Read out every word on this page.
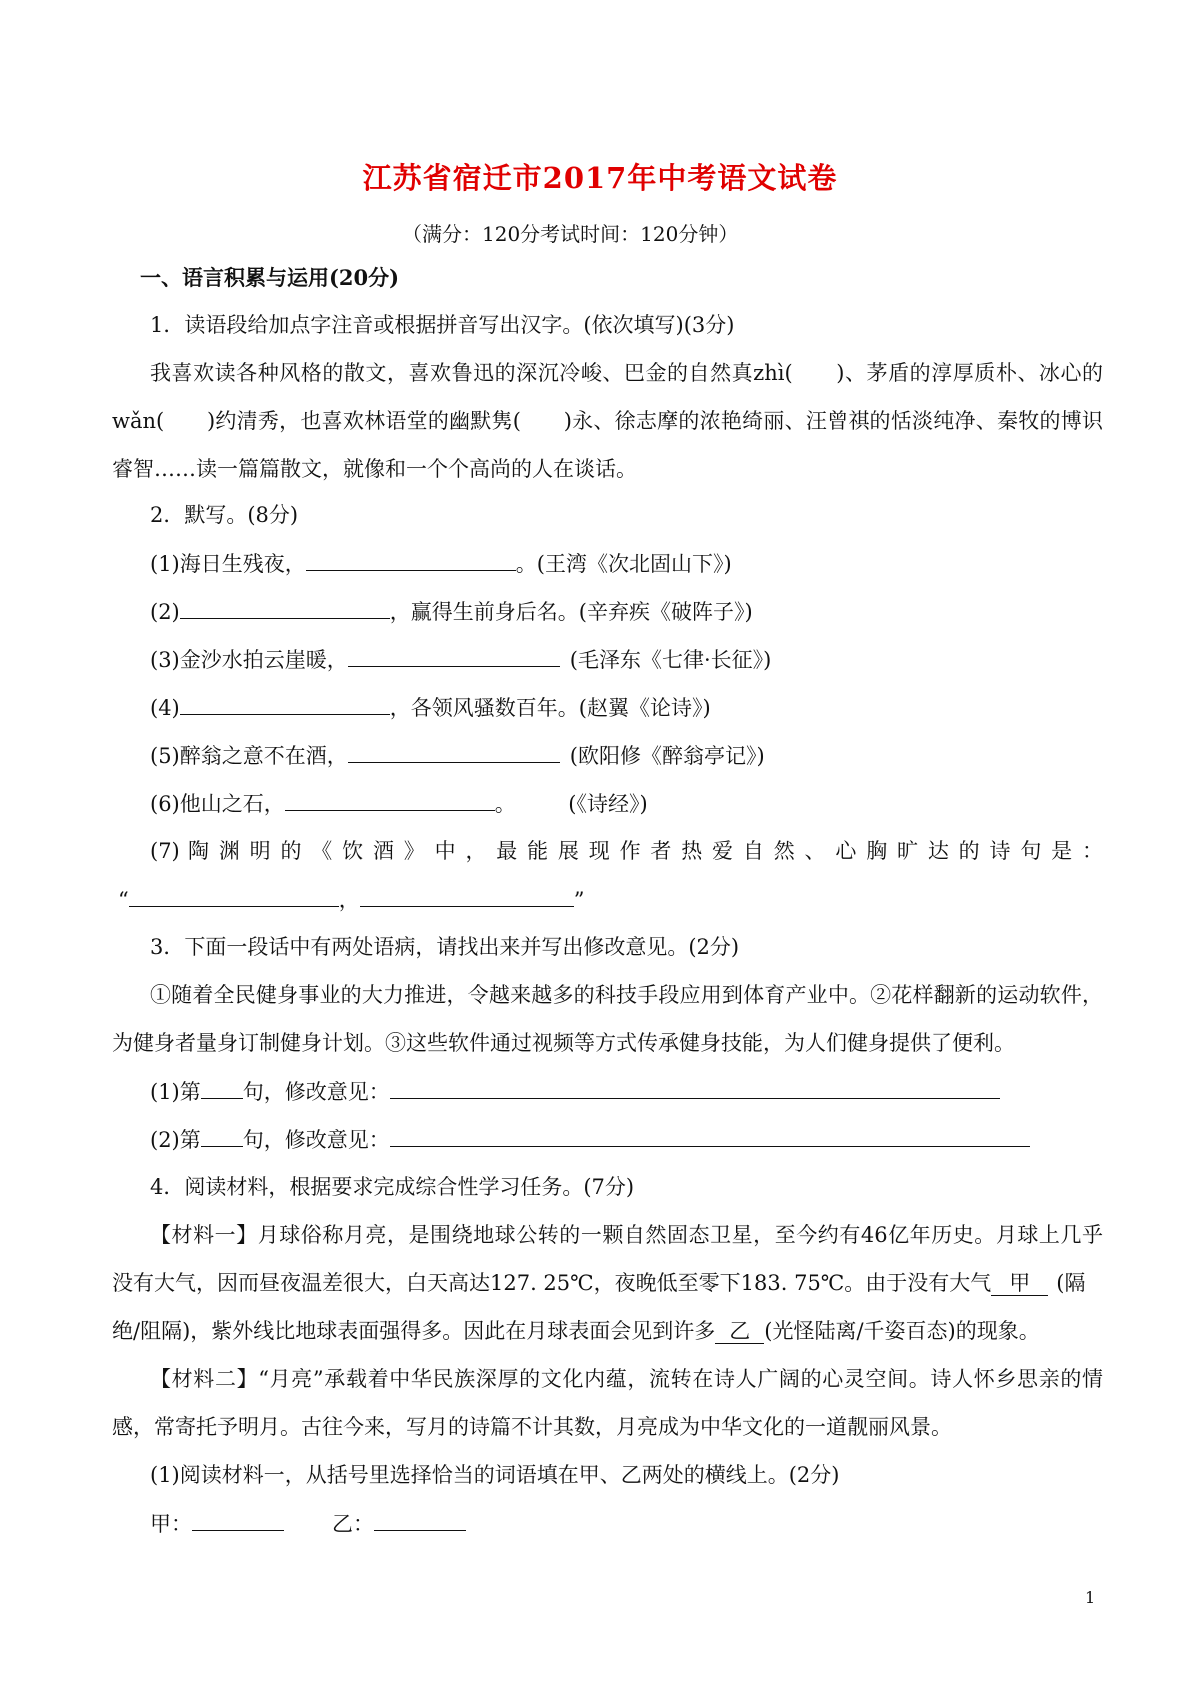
江苏省宿迁市2017年中考语文试卷
（满分：120分考试时间：120分钟）
一、语言积累与运用(20分)
1．读语段给加点字注音或根据拼音写出汉字。(依次填写)(3分)
我喜欢读各种风格的散文，喜欢鲁迅的深沉冷峻、巴金的自然真zhì(　　)、茅盾的淳厚质朴、冰心的
wǎn(　　)约清秀，也喜欢林语堂的幽默隽(　　)永、徐志摩的浓艳绮丽、汪曾祺的恬淡纯净、秦牧的博识
睿智……读一篇篇散文，就像和一个个高尚的人在谈话。
2．默写。(8分)
(1)海日生残夜，	。(王湾《次北固山下》)
(2)	，赢得生前身后名。(辛弃疾《破阵子》)
(3)金沙水拍云崖暖，	(毛泽东《七律·长征》)
(4)	，各领风骚数百年。(赵翼《论诗》)
(5)醉翁之意不在酒，	(欧阳修《醉翁亭记》)
(6)他山之石，	。　　　(《诗经》)
(7) 陶 渊 明 的 《 饮 酒 》 中 ， 最 能 展 现 作 者 热 爱 自 然 、 心 胸 旷 达 的 诗 句 是 ：
“	，	”
3．下面一段话中有两处语病，请找出来并写出修改意见。(2分)
①随着全民健身事业的大力推进，令越来越多的科技手段应用到体育产业中。②花样翻新的运动软件，
为健身者量身订制健身计划。③这些软件通过视频等方式传承健身技能，为人们健身提供了便利。
(1)第 句，修改意见：
(2)第 句，修改意见：
4．阅读材料，根据要求完成综合性学习任务。(7分)
【材料一】月球俗称月亮，是围绕地球公转的一颗自然固态卫星，至今约有46亿年历史。月球上几乎
没有大气，因而昼夜温差很大，白天高达127. 25℃，夜晚低至零下183. 75℃。由于没有大气 甲 (隔
绝/阻隔)，紫外线比地球表面强得多。因此在月球表面会见到许多 乙 (光怪陆离/千姿百态)的现象。
【材料二】“月亮”承载着中华民族深厚的文化内蕴，流转在诗人广阔的心灵空间。诗人怀乡思亲的情
感，常寄托予明月。古往今来，写月的诗篇不计其数，月亮成为中华文化的一道靓丽风景。
(1)阅读材料一，从括号里选择恰当的词语填在甲、乙两处的横线上。(2分)
甲：	乙：
1
